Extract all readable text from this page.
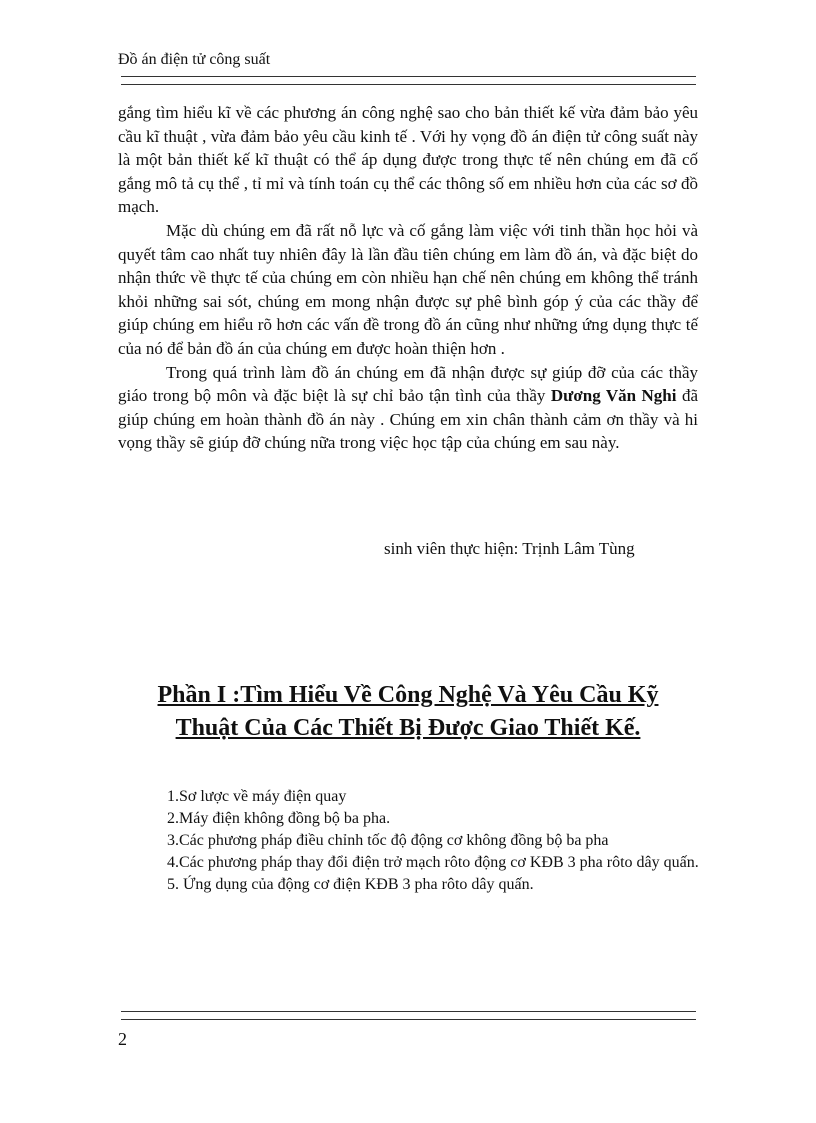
Đồ án điện tử công suất

gắng tìm hiểu kĩ về các phương án công nghệ sao cho bản thiết kế vừa đảm bảo yêu cầu kĩ thuật , vừa đảm bảo yêu cầu kinh tế . Với hy vọng đồ án điện tử công suất này là một bản thiết kế kĩ thuật có thể áp dụng được trong thực tế nên chúng em đã cố gắng mô tả cụ thể , tỉ mỉ và tính toán cụ thể các thông số em nhiều hơn của các sơ đồ mạch.

Mặc dù chúng em đã rất nỗ lực và cố gắng làm việc với tinh thần học hỏi và quyết tâm cao nhất tuy nhiên đây là lần đầu tiên chúng em làm đồ án, và đặc biệt do nhận thức về thực tế của chúng em còn nhiều hạn chế nên chúng em không thể tránh khỏi những sai sót, chúng em mong nhận được sự phê bình góp ý của các thầy để giúp chúng em hiểu rõ hơn các vấn đề trong đồ án cũng như những ứng dụng thực tế của nó để bản đồ án của chúng em được hoàn thiện hơn .

Trong quá trình làm đồ án chúng em đã nhận được sự giúp đỡ của các thầy giáo trong bộ môn và đặc biệt là sự chỉ bảo tận tình của thầy Dương Văn Nghi đã giúp chúng em hoàn thành đồ án này . Chúng em xin chân thành cảm ơn thầy và hi vọng thầy sẽ giúp đỡ chúng nữa trong việc học tập của chúng em sau này.

sinh viên thực hiện: Trịnh Lâm Tùng
Phần I :Tìm Hiểu Về Công Nghệ Và Yêu Cầu Kỹ
Thuật Của Các Thiết Bị Được Giao Thiết Kế.
1.Sơ lược về máy điện quay
2.Máy điện không đồng bộ ba pha.
3.Các phương pháp điều chỉnh tốc độ động cơ không đồng bộ ba pha
4.Các phương pháp thay đổi điện trở mạch rôto động cơ KĐB 3 pha rôto dây quấn.
5. Ứng dụng của động cơ điện KĐB 3 pha rôto dây quấn.
2
